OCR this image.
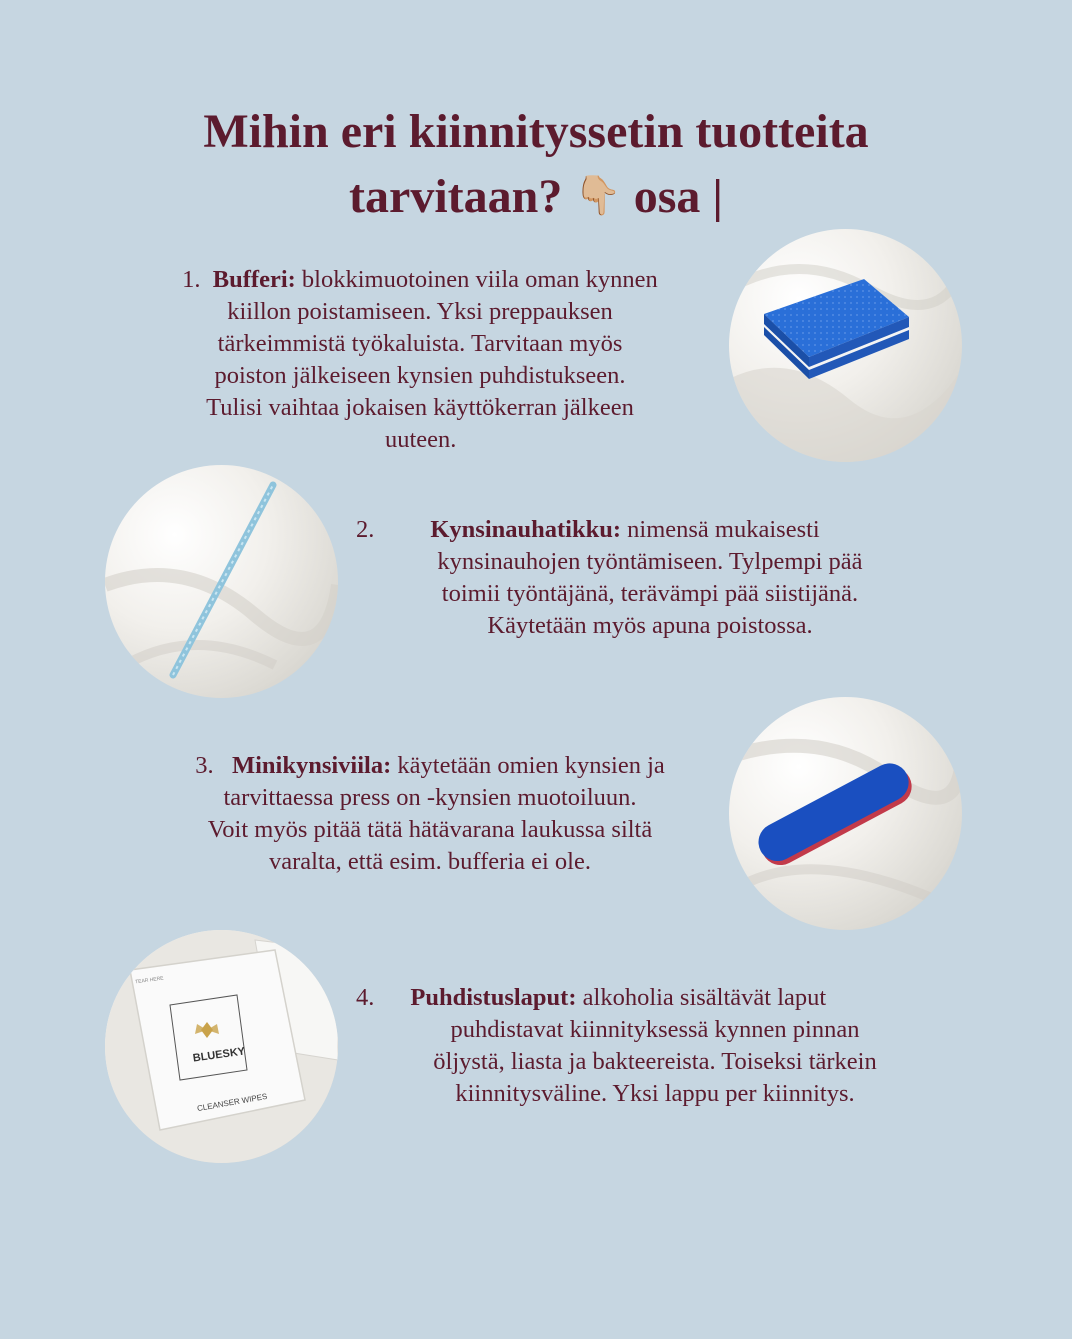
Mihin eri kiinnityssetin tuotteita
tarvitaan? 👇🏼 osa |
1. Bufferi: blokkimuotoinen viila oman kynnen
kiillon poistamiseen. Yksi preppauksen
tärkeimmistä työkaluista. Tarvitaan myös
poiston jälkeiseen kynsien puhdistukseen.
Tulisi vaihtaa jokaisen käyttökerran jälkeen
uuteen.
2. Kynsinauhatikku: nimensä mukaisesti
kynsinauhojen työntämiseen. Tylpempi pää
toimii työntäjänä, terävämpi pää siistijänä.
Käytetään myös apuna poistossa.
3. Minikynsiviila: käytetään omien kynsien ja
tarvittaessa press on -kynsien muotoiluun.
Voit myös pitää tätä hätävarana laukussa siltä
varalta, että esim. bufferia ei ole.
BLUESKY
CLEANSER WIPES
TEAR HERE
4. Puhdistuslaput: alkoholia sisältävät laput
puhdistavat kiinnityksessä kynnen pinnan
öljystä, liasta ja bakteereista. Toiseksi tärkein
kiinnitysväline. Yksi lappu per kiinnitys.
